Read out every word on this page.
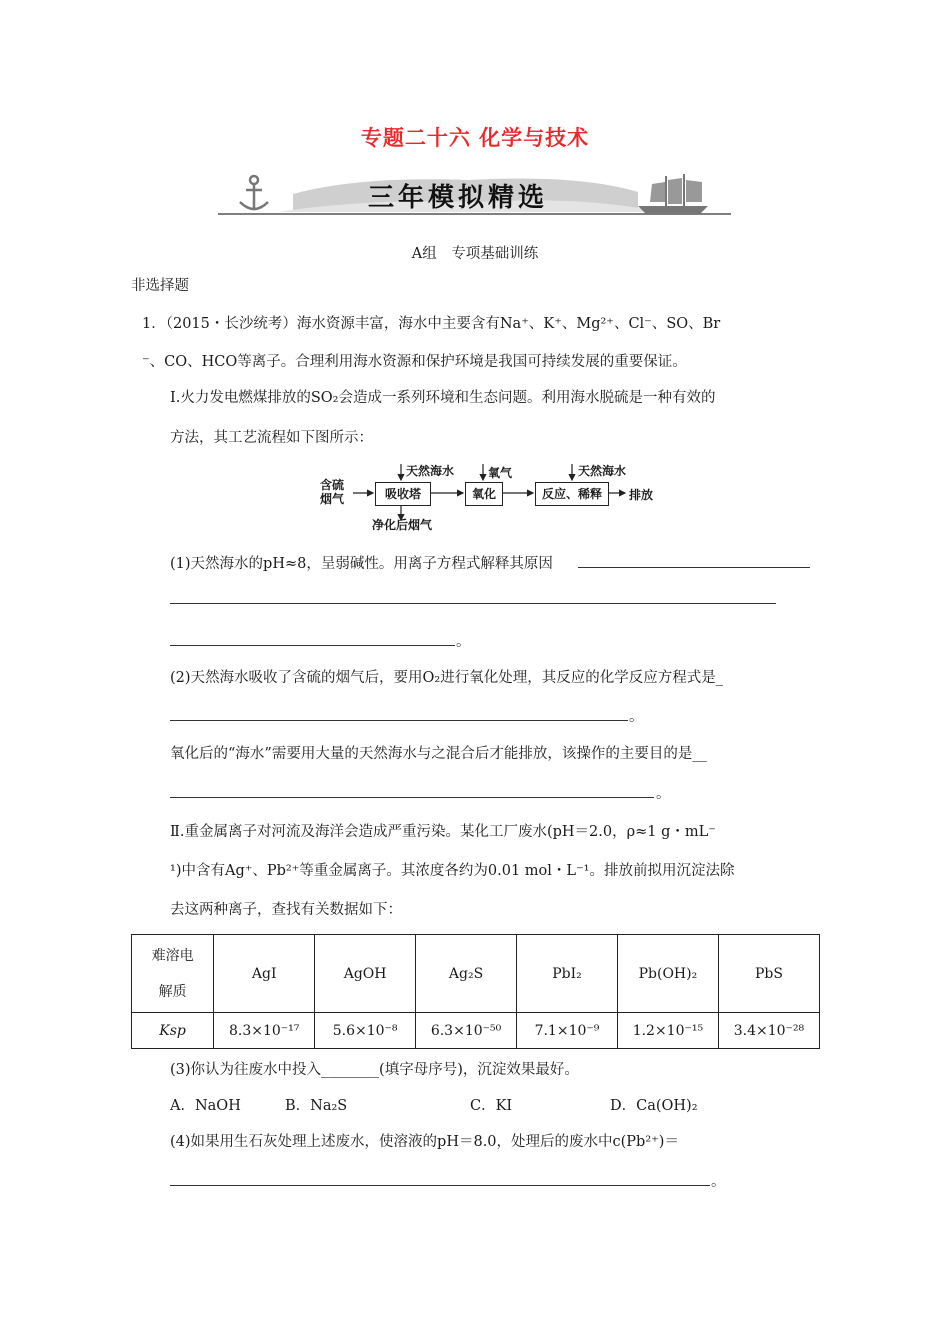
专题二十六 化学与技术
三年模拟精选
A组　专项基础训练
非选择题
1．（2015・长沙统考）海水资源丰富，海水中主要含有Na⁺、K⁺、Mg²⁺、Cl⁻、SO、Br
⁻、CO、HCO等离子。合理利用海水资源和保护环境是我国可持续发展的重要保证。
Ⅰ.火力发电燃煤排放的SO₂会造成一系列环境和生态问题。利用海水脱硫是一种有效的
方法，其工艺流程如下图所示：
含硫烟气	吸收塔
天然海水
净化后烟气
氧化
氧气
反应、稀释
天然海水
排放
(1)天然海水的pH≈8，呈弱碱性。用离子方程式解释其原因
。
(2)天然海水吸收了含硫的烟气后，要用O₂进行氧化处理，其反应的化学反应方程式是_
。
氧化后的“海水”需要用大量的天然海水与之混合后才能排放，该操作的主要目的是__
。
Ⅱ.重金属离子对河流及海洋会造成严重污染。某化工厂废水(pH＝2.0，ρ≈1 g・mL⁻
¹)中含有Ag⁺、Pb²⁺等重金属离子。其浓度各约为0.01 mol・L⁻¹。排放前拟用沉淀法除
去这两种离子，查找有关数据如下：
难溶电
解质	AgI	AgOH	Ag₂S	PbI₂	Pb(OH)₂	PbS
Ksp	8.3×10⁻¹⁷	5.6×10⁻⁸	6.3×10⁻⁵⁰	7.1×10⁻⁹	1.2×10⁻¹⁵	3.4×10⁻²⁸
(3)你认为往废水中投入________(填字母序号)，沉淀效果最好。
A．NaOH	B．Na₂S	C．KI	D．Ca(OH)₂
(4)如果用生石灰处理上述废水，使溶液的pH＝8.0，处理后的废水中c(Pb²⁺)＝
。
